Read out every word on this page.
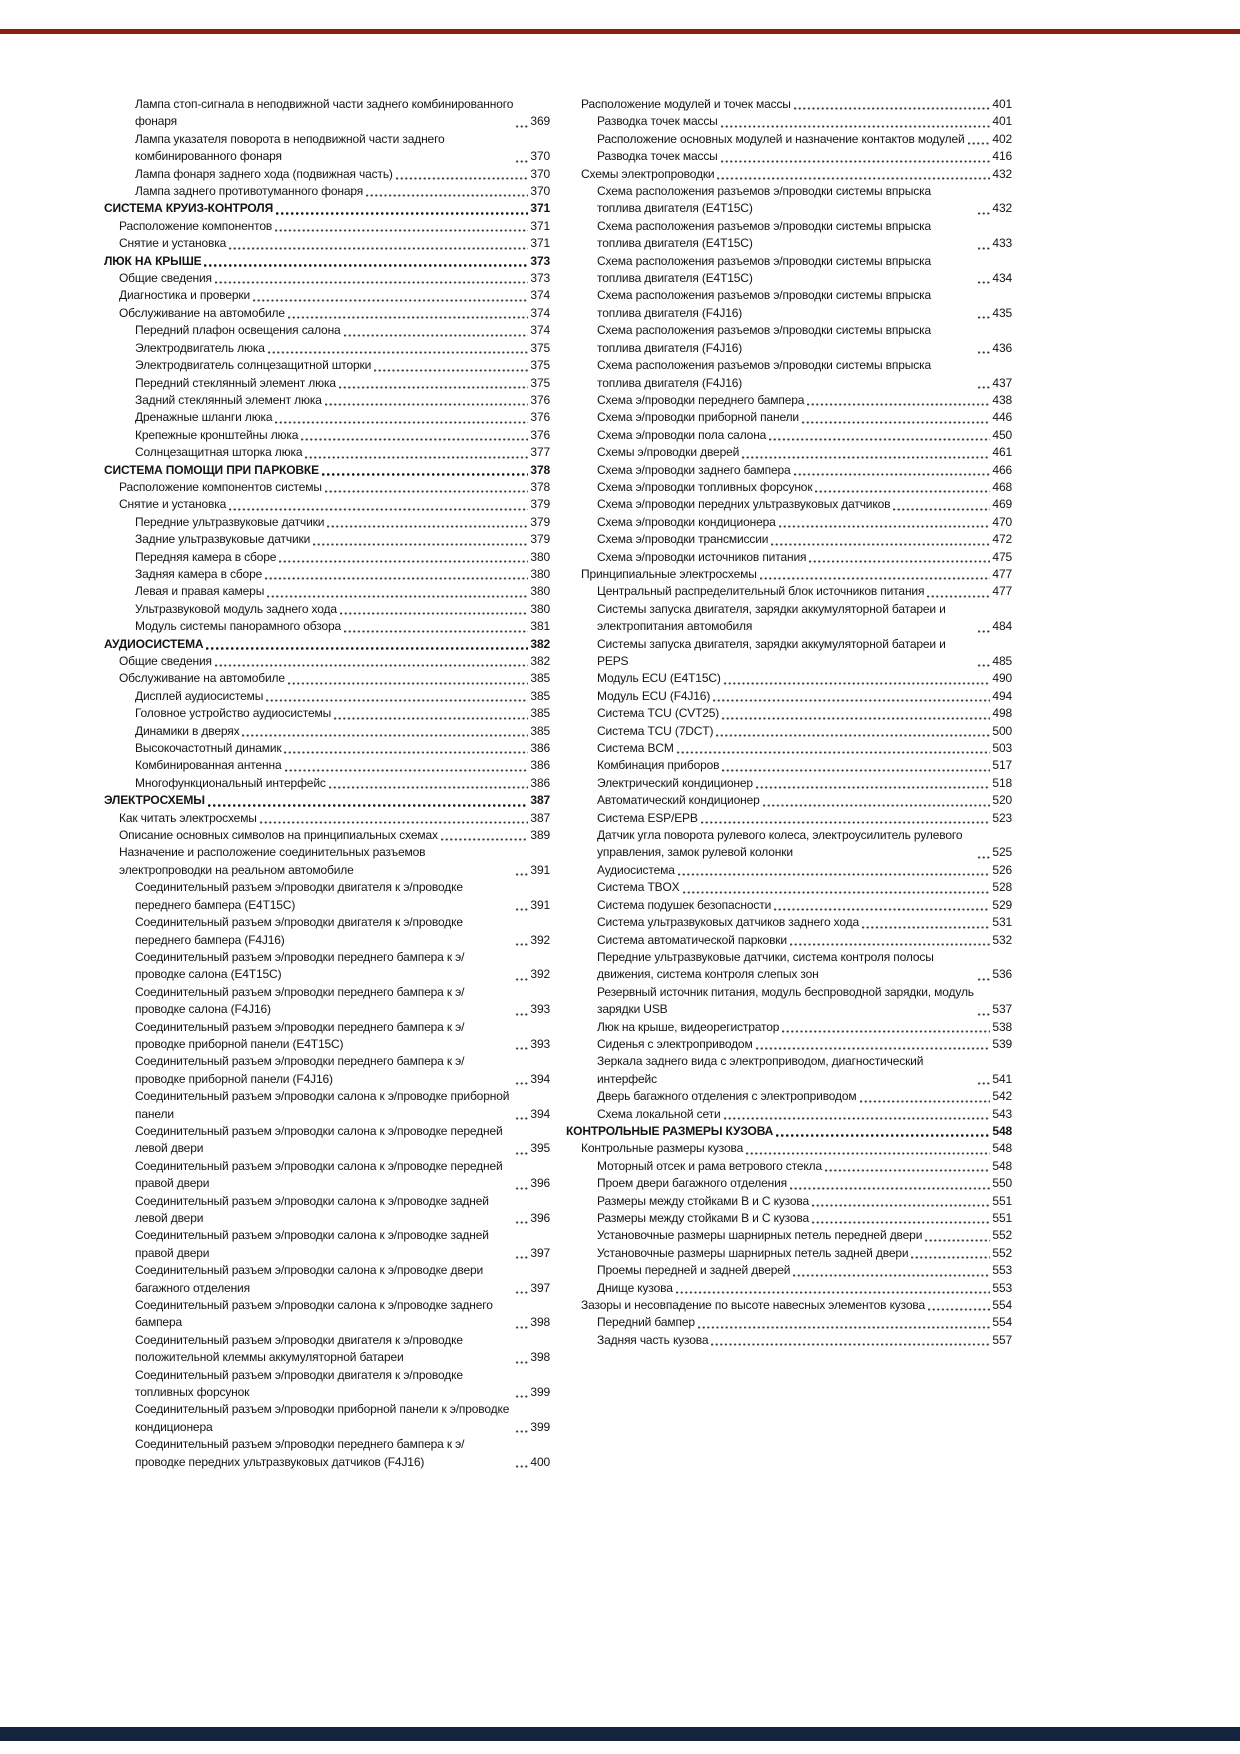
Лампа стоп-сигнала в неподвижной части заднего комбинированного фонаря	369
Лампа указателя поворота в неподвижной части заднего комбинированного фонаря	370
Лампа фонаря заднего хода (подвижная часть)	370
Лампа заднего противотуманного фонаря	370
СИСТЕМА КРУИЗ-КОНТРОЛЯ	371
Расположение компонентов	371
Снятие и установка	371
ЛЮК НА КРЫШЕ	373
Общие сведения	373
Диагностика и проверки	374
Обслуживание на автомобиле	374
Передний плафон освещения салона	374
Электродвигатель люка	375
Электродвигатель солнцезащитной шторки	375
Передний стеклянный элемент люка	375
Задний стеклянный элемент люка	376
Дренажные шланги люка	376
Крепежные кронштейны люка	376
Солнцезащитная шторка люка	377
СИСТЕМА ПОМОЩИ ПРИ ПАРКОВКЕ	378
Расположение компонентов системы	378
Снятие и установка	379
Передние ультразвуковые датчики	379
Задние ультразвуковые датчики	379
Передняя камера в сборе	380
Задняя камера в сборе	380
Левая и правая камеры	380
Ультразвуковой модуль заднего хода	380
Модуль системы панорамного обзора	381
АУДИОСИСТЕМА	382
Общие сведения	382
Обслуживание на автомобиле	385
Дисплей аудиосистемы	385
Головное устройство аудиосистемы	385
Динамики в дверях	385
Высокочастотный динамик	386
Комбинированная антенна	386
Многофункциональный интерфейс	386
ЭЛЕКТРОСХЕМЫ	387
Как читать электросхемы	387
Описание основных символов на принципиальных схемах	389
Назначение и расположение соединительных разъемов электропроводки на реальном автомобиле	391
Соединительный разъем э/проводки двигателя к э/проводке переднего бампера (E4T15C)	391
Соединительный разъем э/проводки двигателя к э/проводке переднего бампера (F4J16)	392
Соединительный разъем э/проводки переднего бампера к э/проводке салона (E4T15C)	392
Соединительный разъем э/проводки переднего бампера к э/проводке салона (F4J16)	393
Соединительный разъем э/проводки переднего бампера к э/проводке приборной панели (E4T15C)	393
Соединительный разъем э/проводки переднего бампера к э/проводке приборной панели (F4J16)	394
Соединительный разъем э/проводки салона к э/проводке приборной панели	394
Соединительный разъем э/проводки салона к э/проводке передней левой двери	395
Соединительный разъем э/проводки салона к э/проводке передней правой двери	396
Соединительный разъем э/проводки салона к э/проводке задней левой двери	396
Соединительный разъем э/проводки салона к э/проводке задней правой двери	397
Соединительный разъем э/проводки салона к э/проводке двери багажного отделения	397
Соединительный разъем э/проводки салона к э/проводке заднего бампера	398
Соединительный разъем э/проводки двигателя к э/проводке положительной клеммы аккумуляторной батареи	398
Соединительный разъем э/проводки двигателя к э/проводке топливных форсунок	399
Соединительный разъем э/проводки приборной панели к э/проводке кондиционера	399
Соединительный разъем э/проводки переднего бампера к э/проводке передних ультразвуковых датчиков (F4J16)	400
Расположение модулей и точек массы	401
Разводка точек массы	401
Расположение основных модулей и назначение контактов модулей 402
Разводка точек массы	416
Схемы электропроводки	432
Схема расположения разъемов э/проводки системы впрыска топлива двигателя (E4T15C)	432
Схема расположения разъемов э/проводки системы впрыска топлива двигателя (E4T15C)	433
Схема расположения разъемов э/проводки системы впрыска топлива двигателя (E4T15C)	434
Схема расположения разъемов э/проводки системы впрыска топлива двигателя (F4J16)	435
Схема расположения разъемов э/проводки системы впрыска топлива двигателя (F4J16)	436
Схема расположения разъемов э/проводки системы впрыска топлива двигателя (F4J16)	437
Схема э/проводки переднего бампера	438
Схема э/проводки приборной панели	446
Схема э/проводки пола салона	450
Схемы э/проводки дверей	461
Схема э/проводки заднего бампера	466
Схема э/проводки топливных форсунок	468
Схема э/проводки передних ультразвуковых датчиков	469
Схема э/проводки кондиционера	470
Схема э/проводки трансмиссии	472
Схема э/проводки источников питания	475
Принципиальные электросхемы	477
Центральный распределительный блок источников питания	477
Системы запуска двигателя, зарядки аккумуляторной батареи и электропитания автомобиля	484
Системы запуска двигателя, зарядки аккумуляторной батареи и PEPS	485
Модуль ECU (E4T15C)	490
Модуль ECU (F4J16)	494
Система TCU (CVT25)	498
Система TCU (7DCT)	500
Система BCM	503
Комбинация приборов	517
Электрический кондиционер	518
Автоматический кондиционер	520
Система ESP/EPB	523
Датчик угла поворота рулевого колеса, электроусилитель рулевого управления, замок рулевой колонки	525
Аудиосистема	526
Система TBOX	528
Система подушек безопасности	529
Система ультразвуковых датчиков заднего хода	531
Система автоматической парковки	532
Передние ультразвуковые датчики, система контроля полосы движения, система контроля слепых зон	536
Резервный источник питания, модуль беспроводной зарядки, модуль зарядки USB	537
Люк на крыше, видеорегистратор	538
Сиденья с электроприводом	539
Зеркала заднего вида с электроприводом, диагностический интерфейс	541
Дверь багажного отделения с электроприводом	542
Схема локальной сети	543
КОНТРОЛЬНЫЕ РАЗМЕРЫ КУЗОВА	548
Контрольные размеры кузова	548
Моторный отсек и рама ветрового стекла	548
Проем двери багажного отделения	550
Размеры между стойками В и С кузова	551
Размеры между стойками В и С кузова	551
Установочные размеры шарнирных петель передней двери	552
Установочные размеры шарнирных петель задней двери	552
Проемы передней и задней дверей	553
Днище кузова	553
Зазоры и несовпадение по высоте навесных элементов кузова	554
Передний бампер	554
Задняя часть кузова	557
